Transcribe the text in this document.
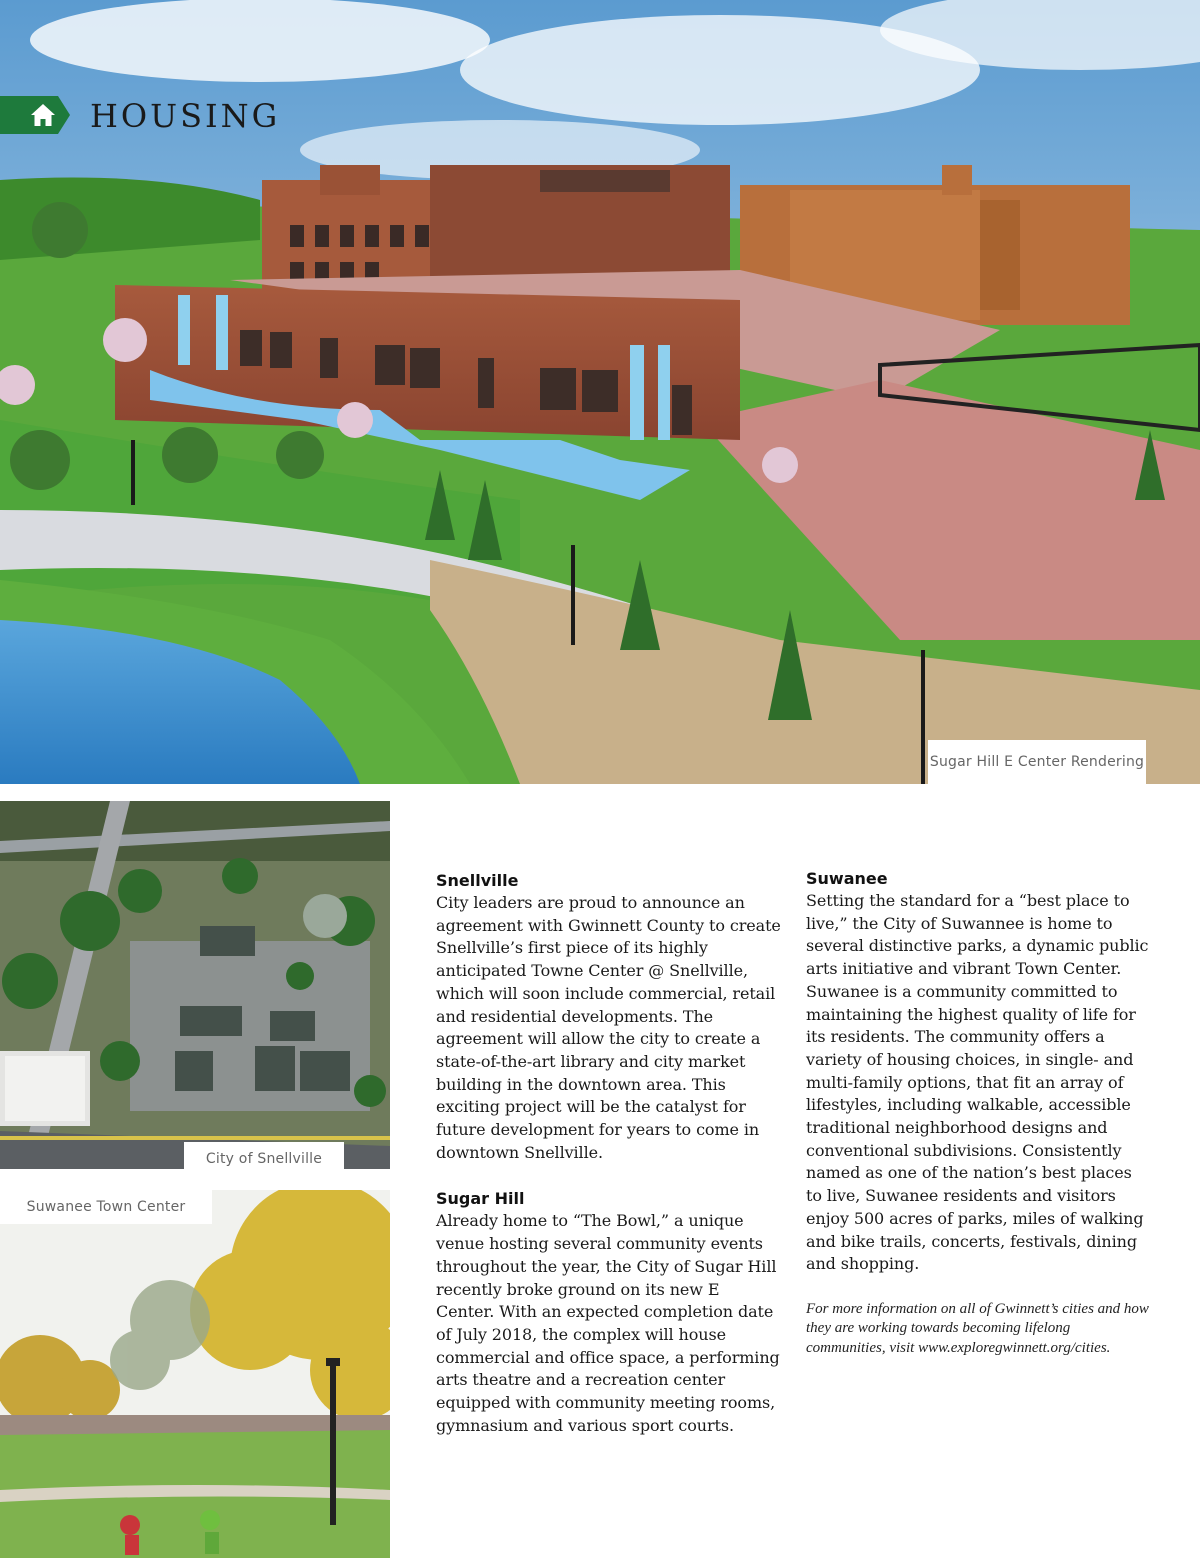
HOUSING
Sugar Hill E Center Rendering
City of Snellville
Suwanee Town Center
Snellville

City leaders are proud to announce an agreement with Gwinnett County to create Snellville’s first piece of its highly anticipated Towne Center @ Snellville, which will soon include commercial, retail and residential developments. The agreement will allow the city to create a state-of-the-art library and city market building in the downtown area. This exciting project will be the catalyst for future development for years to come in downtown Snellville.

Sugar Hill

Already home to “The Bowl,” a unique venue hosting several community events throughout the year, the City of Sugar Hill recently broke ground on its new E Center. With an expected completion date of July 2018, the complex will house commercial and office space, a performing arts theatre and a recreation center equipped with community meeting rooms, gymnasium and various sport courts.

Suwanee

Setting the standard for a “best place to live,” the City of Suwannee is home to several distinctive parks, a dynamic public arts initiative and vibrant Town Center. Suwanee is a community committed to maintaining the highest quality of life for its residents. The community offers a variety of housing choices, in single- and multi-family options, that fit an array of lifestyles, including walkable, accessible traditional neighborhood designs and conventional subdivisions. Consistently named as one of the nation’s best places to live, Suwanee residents and visitors enjoy 500 acres of parks, miles of walking and bike trails, concerts, festivals, dining and shopping.

For more information on all of Gwinnett’s cities and how they are working towards becoming lifelong communities, visit www.exploregwinnett.org/cities.
